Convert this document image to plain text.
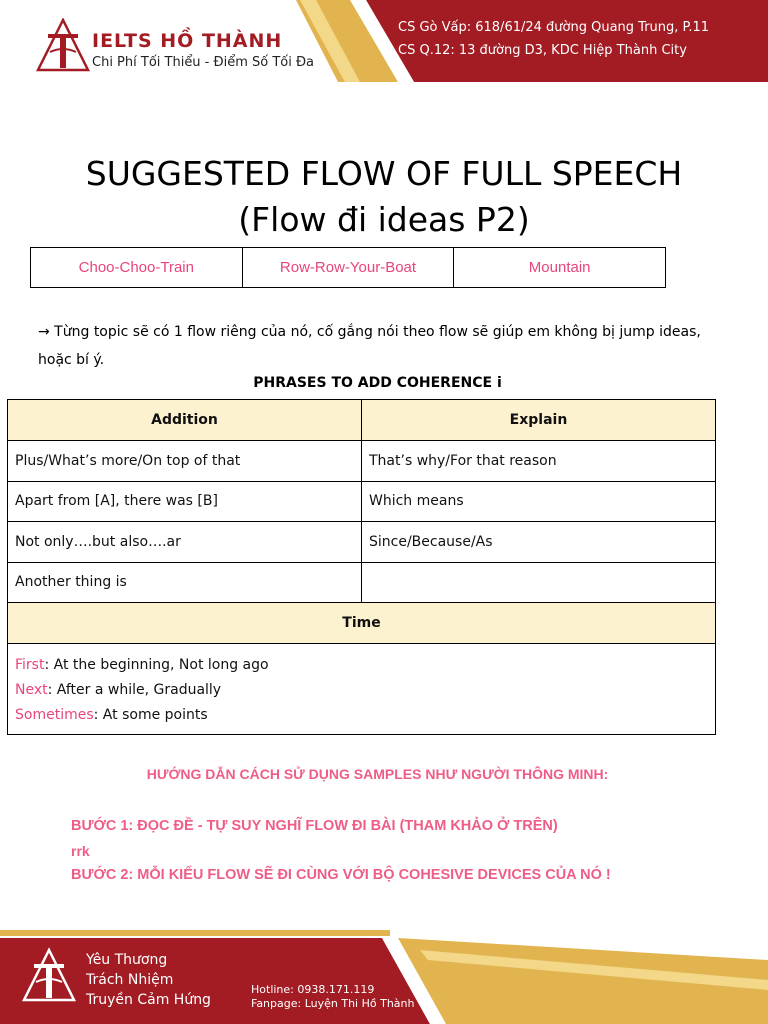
IELTS HỒ THÀNH
Chi Phí Tối Thiểu - Điểm Số Tối Đa
CS Gò Vấp: 618/61/24 đường Quang Trung, P.11
CS Q.12: 13 đường D3, KDC Hiệp Thành City
SUGGESTED FLOW OF FULL SPEECH
(Flow đi ideas P2)
Choo-Choo-Train	Row-Row-Your-Boat	Mountain
→ Từng topic sẽ có 1 flow riêng của nó, cố gắng nói theo flow sẽ giúp em không bị jump ideas, hoặc bí ý.
PHRASES TO ADD COHERENCE i
Addition	Explain
Plus/What’s more/On top of that	That’s why/For that reason
Apart from [A], there was [B]	Which means
Not only….but also….ar	Since/Because/As
Another thing is	
Time	

First: At the beginning, Not long ago
Next: After a while, Gradually
Sometimes: At some points	
HƯỚNG DẪN CÁCH SỬ DỤNG SAMPLES NHƯ NGƯỜI THÔNG MINH:
BƯỚC 1: ĐỌC ĐỀ - TỰ SUY NGHĨ FLOW ĐI BÀI (THAM KHẢO Ở TRÊN)
rrk
BƯỚC 2: MỖI KIỂU FLOW SẼ ĐI CÙNG VỚI BỘ COHESIVE DEVICES CỦA NÓ !
Yêu Thương
Trách Nhiệm
Truyền Cảm Hứng
Hotline: 0938.171.119
Fanpage: Luyện Thi Hồ Thành
